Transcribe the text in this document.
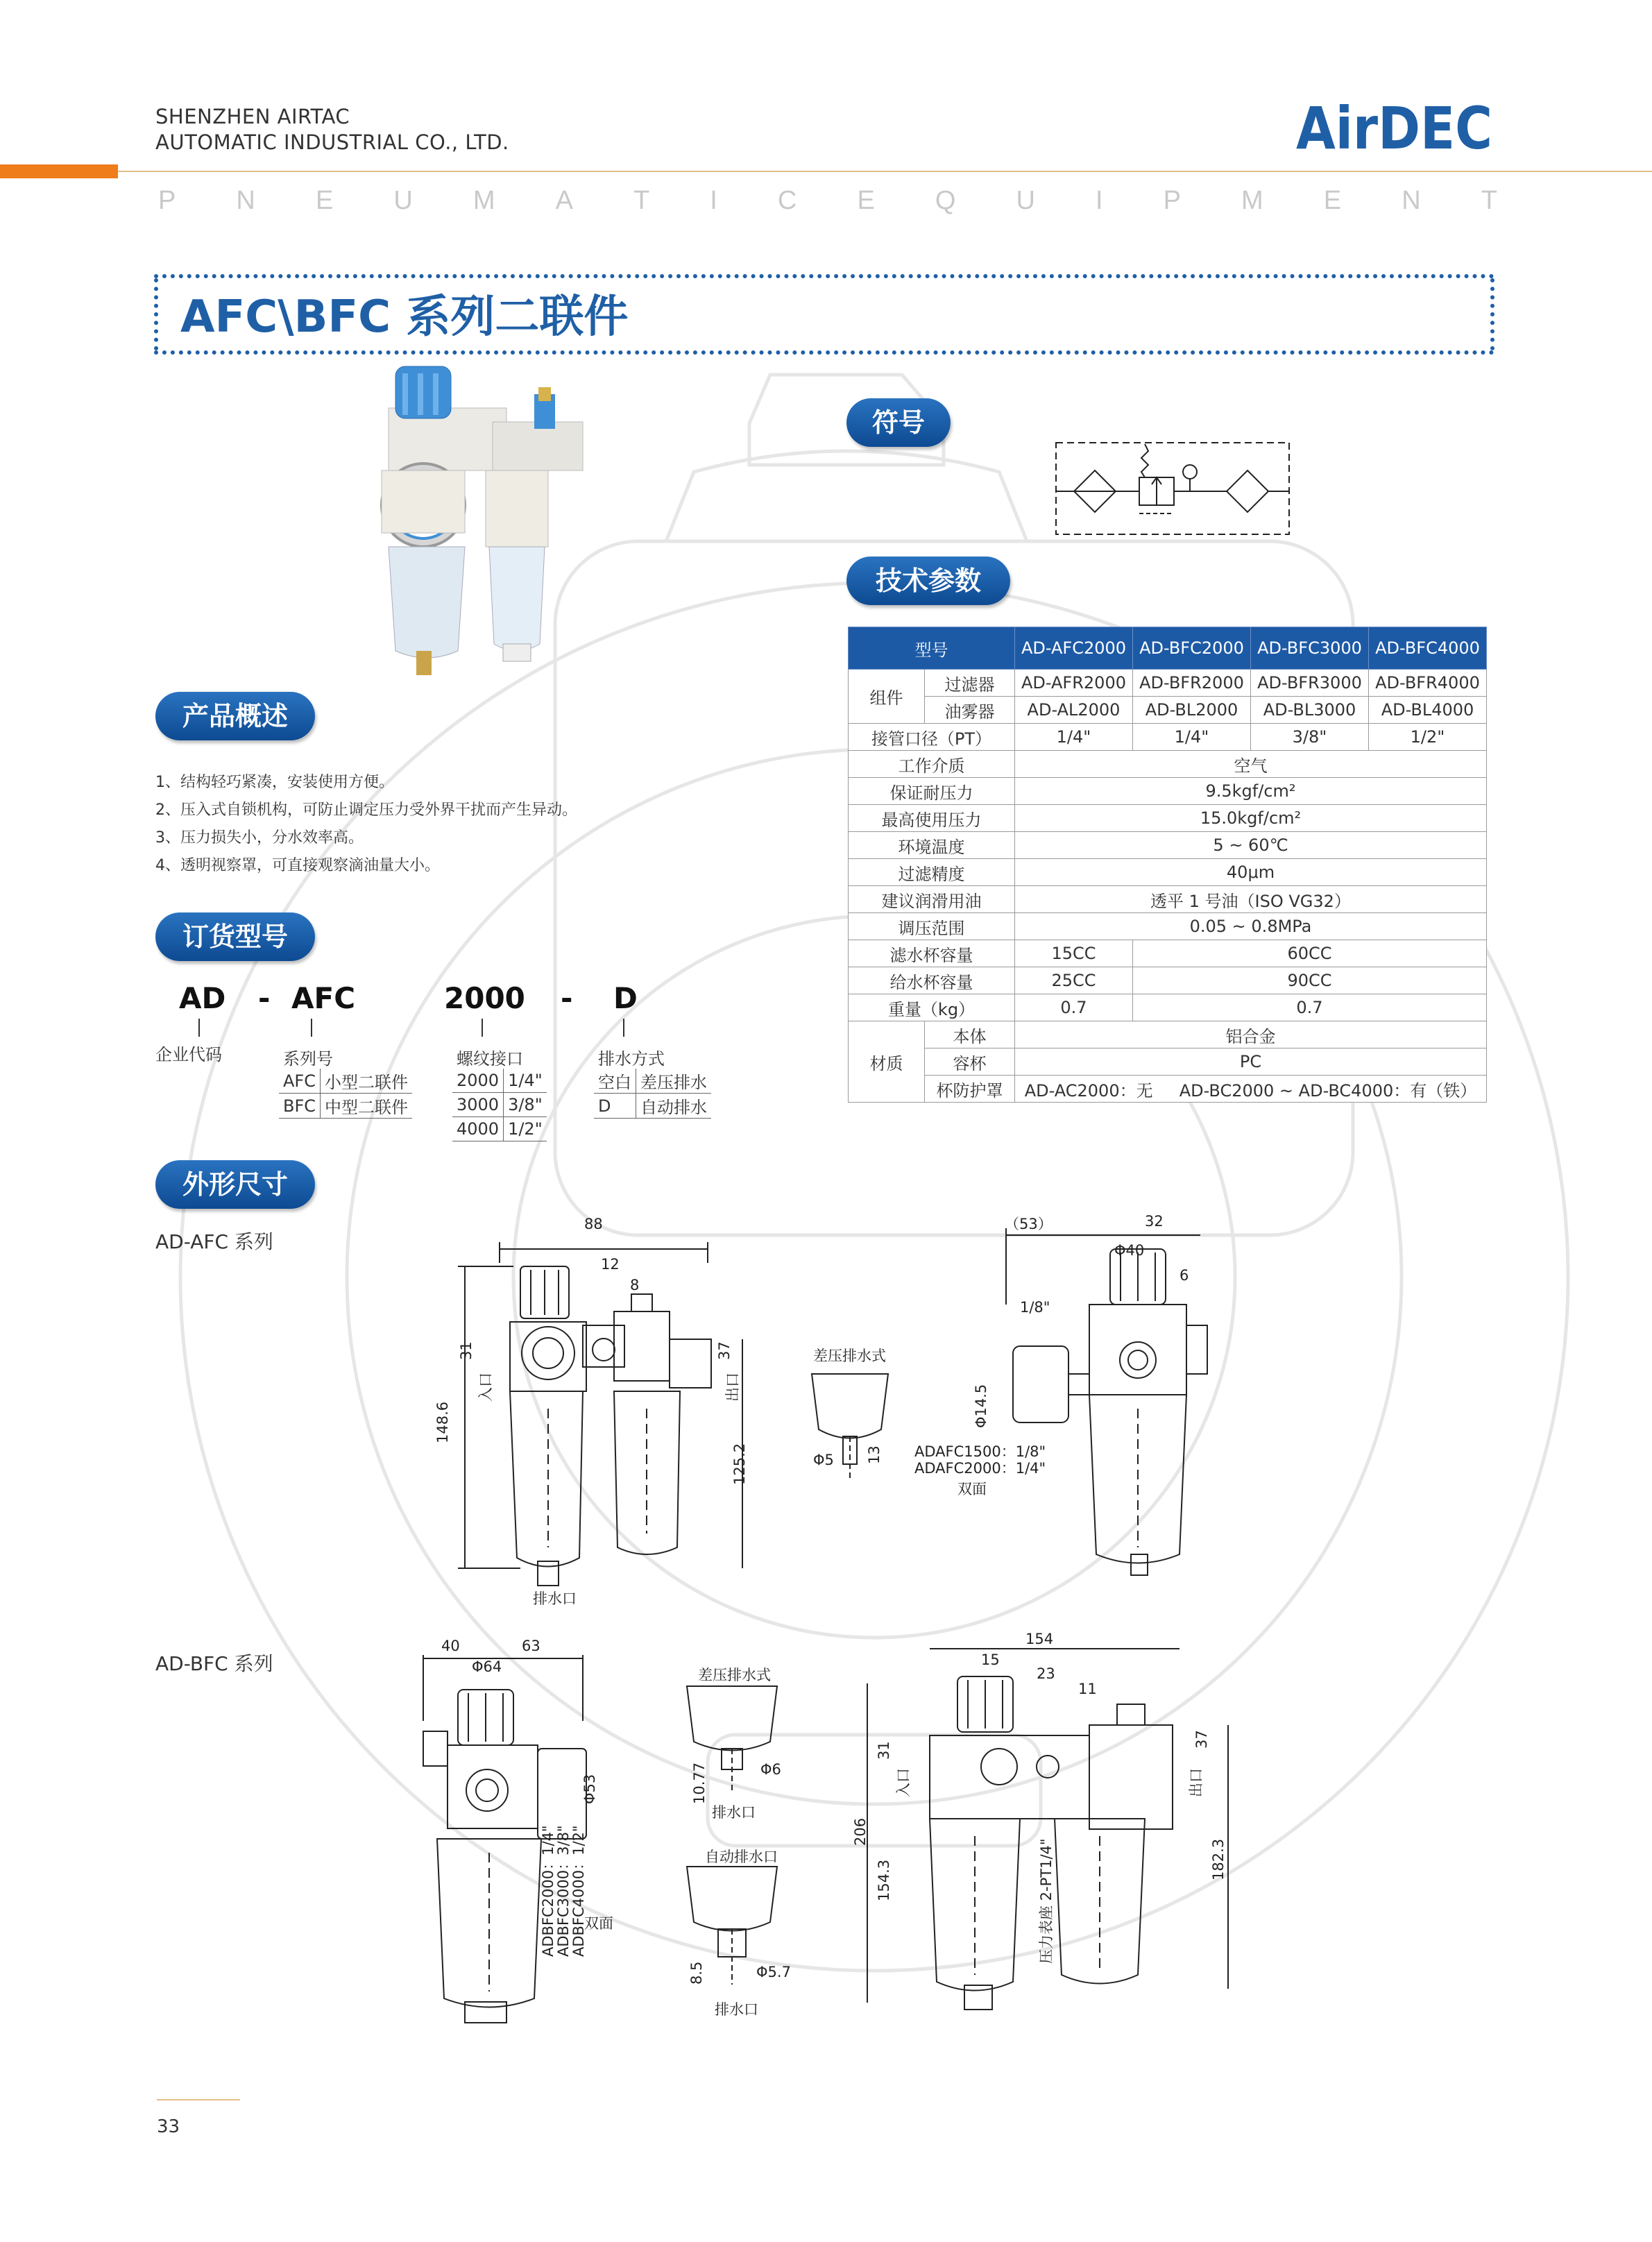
SHENZHEN AIRTAC
AUTOMATIC INDUSTRIAL CO., LTD.	AirDEC
P N E U M A T I C E Q U I P M E N T
AFC\BFC 系列二联件
符号
技术参数
产品概述
订货型号
外形尺寸
型号		AD-AFC2000	AD-BFC2000	AD-BFC3000	AD-BFC4000
组件	过滤器	AD-AFR2000	AD-BFR2000	AD-BFR3000	AD-BFR4000
	油雾器	AD-AL2000	AD-BL2000	AD-BL3000	AD-BL4000
接管口径（PT）		1/4"	1/4"	3/8"	1/2"
工作介质		空气			
保证耐压力		9.5kgf/cm²			
最高使用压力		15.0kgf/cm²			
环境温度		5 ~ 60℃			
过滤精度		40μm			
建议润滑用油		透平 1 号油（ISO VG32）			
调压范围		0.05 ~ 0.8MPa			
滤水杯容量		15CC	60CC		
给水杯容量		25CC	90CC		
重量（kg）		0.7	0.7		
材质	本体	铝合金			
	容杯	PC			
	杯防护罩	AD-AC2000：无     AD-BC2000 ~ AD-BC4000：有（铁）			
1、结构轻巧紧凑，安装使用方便。
2、压入式自锁机构，可防止调定压力受外界干扰而产生异动。
3、压力损失小，分水效率高。
4、透明视察罩，可直接观察滴油量大小。
AD - AFC	2000 - D
企业代码	系列号
AFC	小型二联件
BFC	中型二联件
螺纹接口
2000	1/4"
3000	3/8"
4000	1/2"
排水方式
空白	差压排水
D	自动排水
AD-AFC 系列
AD-BFC 系列
88
12
8
31	37
148.6
125.2
入口	出口
排水口
差压排水式
Φ5 13
（53）	32
Φ40
6
1/8"
Φ14.5
ADAFC1500：1/8"
ADAFC2000：1/4"
双面
40	63
Φ64
Φ53
ADBFC2000：1/4"
ADBFC3000：3/8"
ADBFC4000：1/2"
双面
差压排水式
10.77	Φ6
排水口
自动排水口
8.5	Φ5.7
排水口
154
15
23
11
31
37
206
154.3	182.3
入口	出口
压力表座 2-PT1/4"
33
